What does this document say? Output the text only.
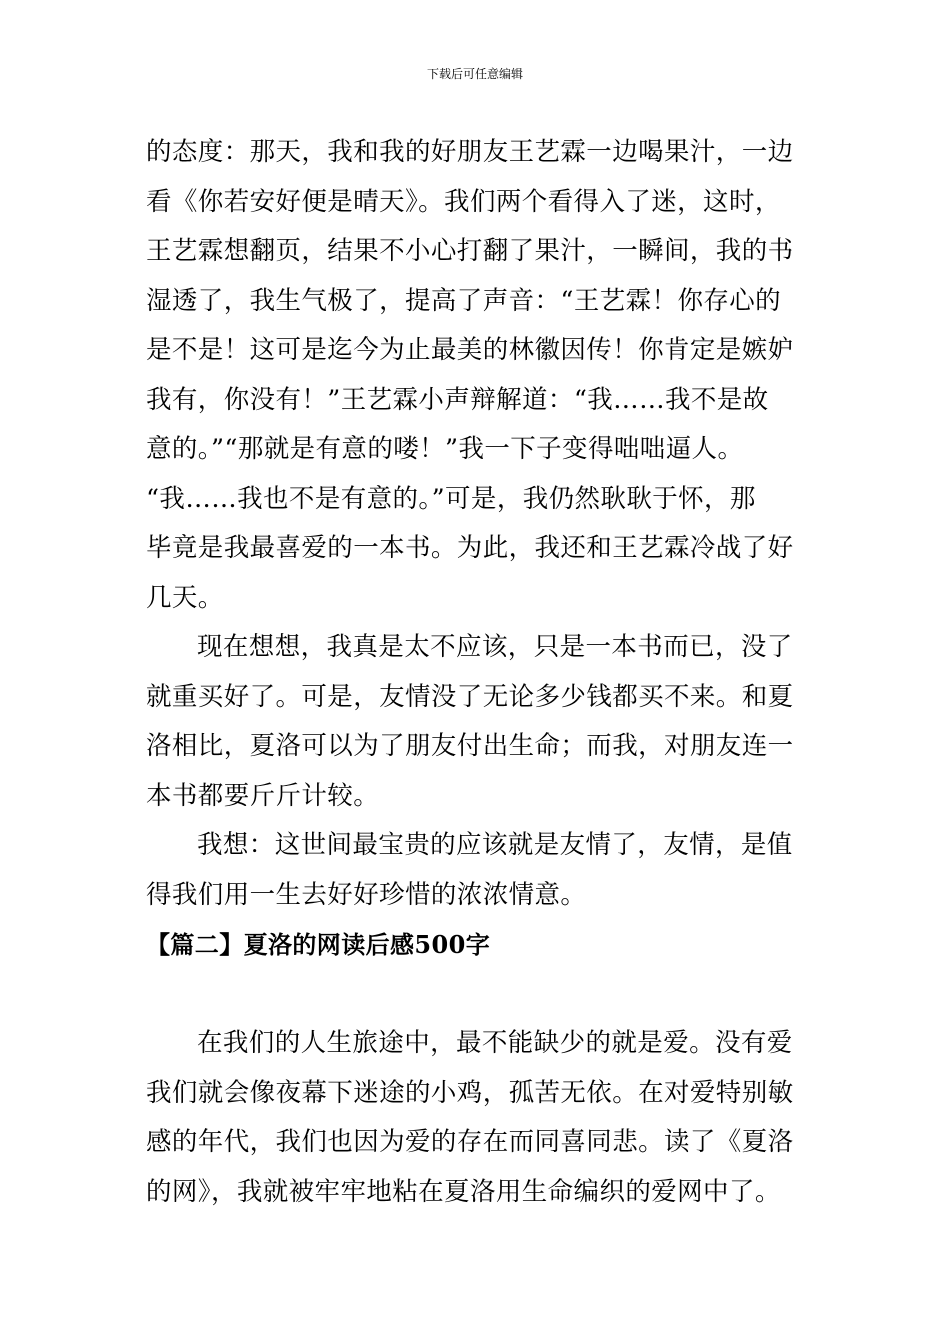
下载后可任意编辑

的态度：那天，我和我的好朋友王艺霖一边喝果汁，一边
看《你若安好便是晴天》。我们两个看得入了迷，这时，
王艺霖想翻页，结果不小心打翻了果汁，一瞬间，我的书
湿透了，我生气极了，提高了声音：“王艺霖！你存心的
是不是！这可是迄今为止最美的林徽因传！你肯定是嫉妒
我有，你没有！”王艺霖小声辩解道：“我……我不是故
意的。”“那就是有意的喽！”我一下子变得咄咄逼人。
“我……我也不是有意的。”可是，我仍然耿耿于怀，那
毕竟是我最喜爱的一本书。为此，我还和王艺霖冷战了好
几天。

现在想想，我真是太不应该，只是一本书而已，没了
就重买好了。可是，友情没了无论多少钱都买不来。和夏
洛相比，夏洛可以为了朋友付出生命；而我，对朋友连一
本书都要斤斤计较。

我想：这世间最宝贵的应该就是友情了，友情，是值
得我们用一生去好好珍惜的浓浓情意。

【篇二】夏洛的网读后感500字

在我们的人生旅途中，最不能缺少的就是爱。没有爱
我们就会像夜幕下迷途的小鸡，孤苦无依。在对爱特别敏
感的年代，我们也因为爱的存在而同喜同悲。读了《夏洛
的网》，我就被牢牢地粘在夏洛用生命编织的爱网中了。
